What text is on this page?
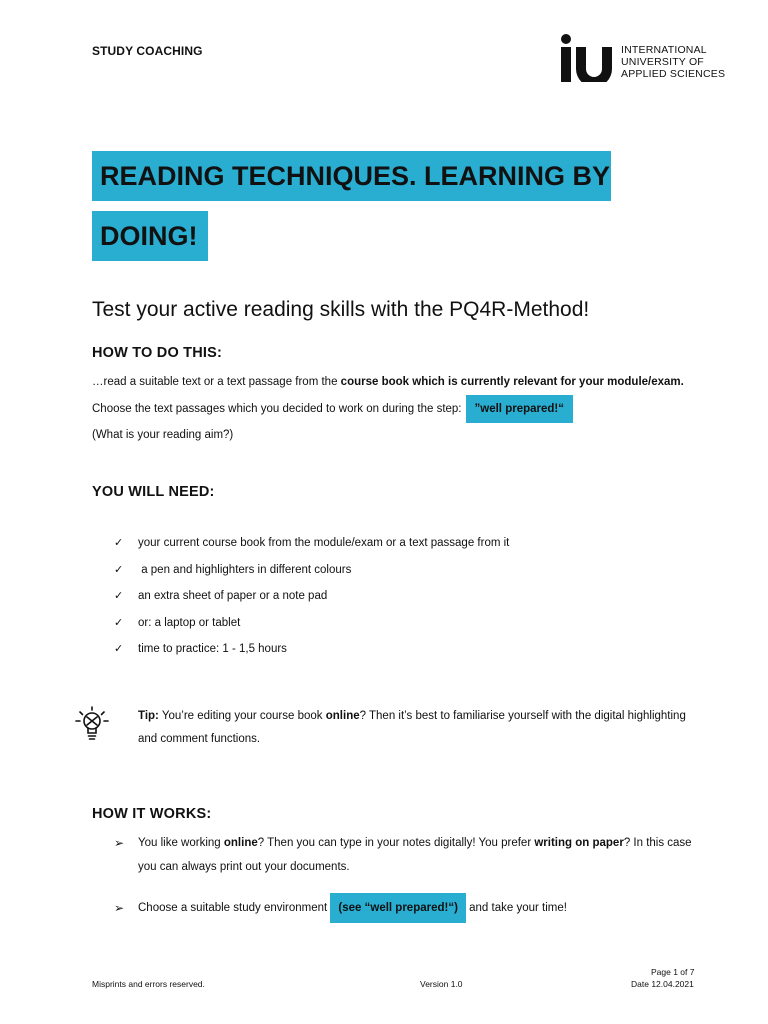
STUDY COACHING	INTERNATIONAL
UNIVERSITY OF
APPLIED SCIENCES
READING TECHNIQUES. LEARNING BY
DOING!
Test your active reading skills with the PQ4R-Method!
HOW TO DO THIS:
…read a suitable text or a text passage from the course book which is currently relevant for your module/exam. Choose the text passages which you decided to work on during the step: ”well prepared!“
(What is your reading aim?)
YOU WILL NEED:
✓ your current course book from the module/exam or a text passage from it
✓ a pen and highlighters in different colours
✓ an extra sheet of paper or a note pad
✓ or: a laptop or tablet
✓ time to practice: 1 - 1,5 hours
Tip: You’re editing your course book online? Then it’s best to familiarise yourself with the digital highlighting and comment functions.
HOW IT WORKS:
➢ You like working online? Then you can type in your notes digitally! You prefer writing on paper? In this case you can always print out your documents.
➢ Choose a suitable study environment (see “well prepared!“) and take your time!
Misprints and errors reserved.	Version 1.0
Page 1 of 7
Date 12.04.2021
